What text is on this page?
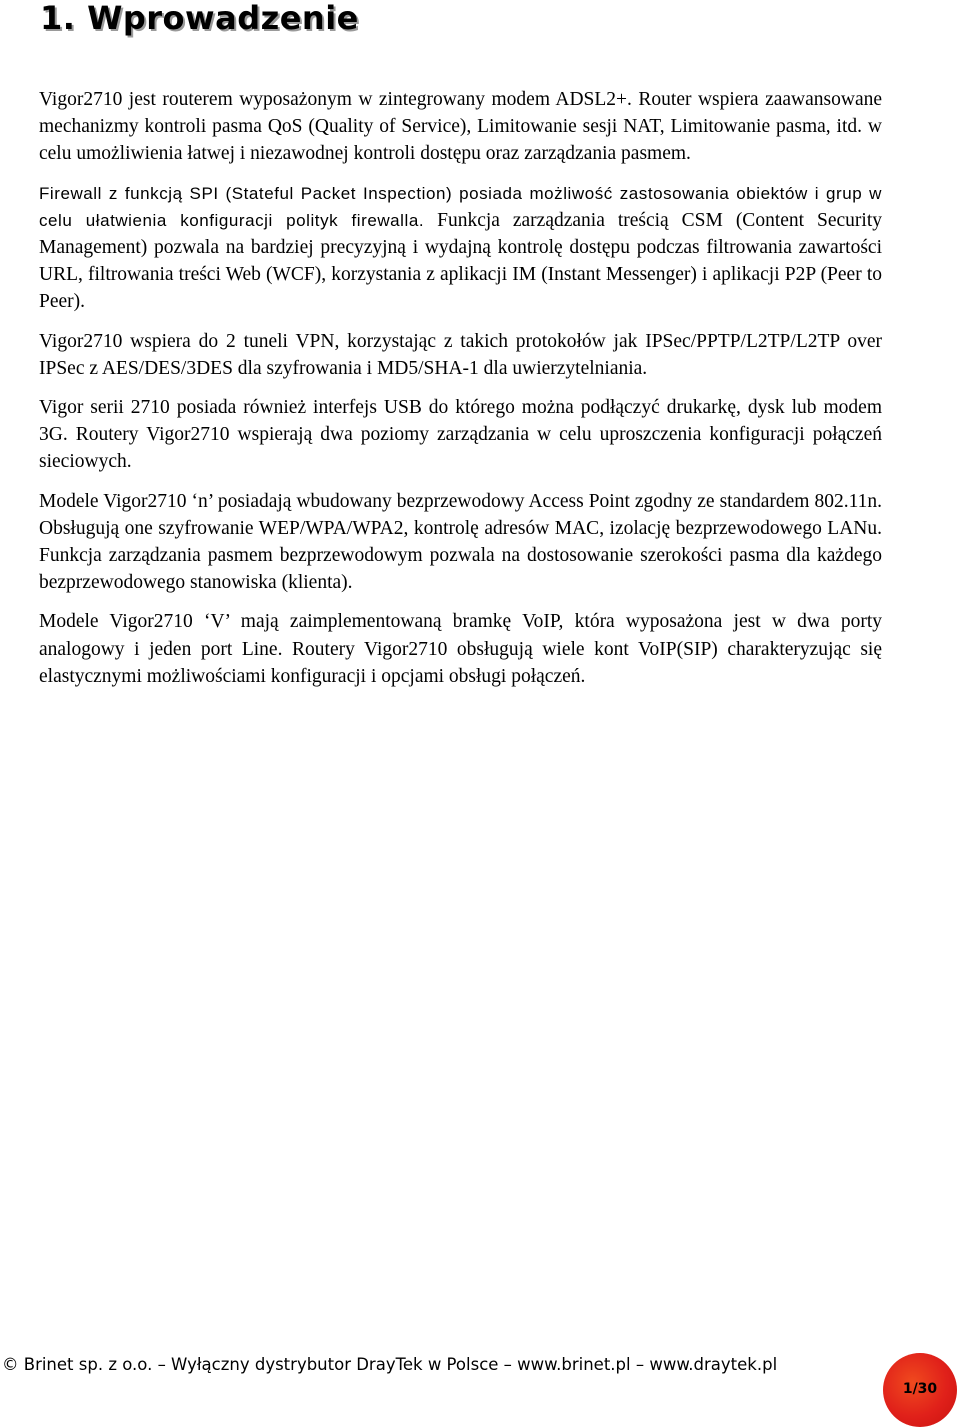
1. Wprowadzenie

Vigor2710 jest routerem wyposażonym w zintegrowany modem ADSL2+. Router wspiera zaawansowane mechanizmy kontroli pasma QoS (Quality of Service), Limitowanie sesji NAT, Limitowanie pasma, itd. w celu umożliwienia łatwej i niezawodnej kontroli dostępu oraz zarządzania pasmem.

Firewall z funkcją SPI (Stateful Packet Inspection) posiada możliwość zastosowania obiektów i grup w celu ułatwienia konfiguracji polityk firewalla. Funkcja zarządzania treścią CSM (Content Security Management) pozwala na bardziej precyzyjną i wydajną kontrolę dostępu podczas filtrowania zawartości URL, filtrowania treści Web (WCF), korzystania z aplikacji IM (Instant Messenger) i aplikacji P2P (Peer to Peer).

Vigor2710 wspiera do 2 tuneli VPN, korzystając z takich protokołów jak IPSec/PPTP/L2TP/L2TP over IPSec z AES/DES/3DES dla szyfrowania i MD5/SHA-1 dla uwierzytelniania.

Vigor serii 2710 posiada również interfejs USB do którego można podłączyć drukarkę, dysk lub modem 3G. Routery Vigor2710 wspierają dwa poziomy zarządzania w celu uproszczenia konfiguracji połączeń sieciowych.

Modele Vigor2710 ‘n’ posiadają wbudowany bezprzewodowy Access Point zgodny ze standardem 802.11n. Obsługują one szyfrowanie WEP/WPA/WPA2, kontrolę adresów MAC, izolację bezprzewodowego LANu. Funkcja zarządzania pasmem bezprzewodowym pozwala na dostosowanie szerokości pasma dla każdego bezprzewodowego stanowiska (klienta).

Modele Vigor2710 ‘V’ mają zaimplementowaną bramkę VoIP, która wyposażona jest w dwa porty analogowy i jeden port Line. Routery Vigor2710 obsługują wiele kont VoIP(SIP) charakteryzując się elastycznymi możliwościami konfiguracji i opcjami obsługi połączeń.

© Brinet sp. z o.o. – Wyłączny dystrybutor DrayTek w Polsce – www.brinet.pl – www.draytek.pl
1/30
